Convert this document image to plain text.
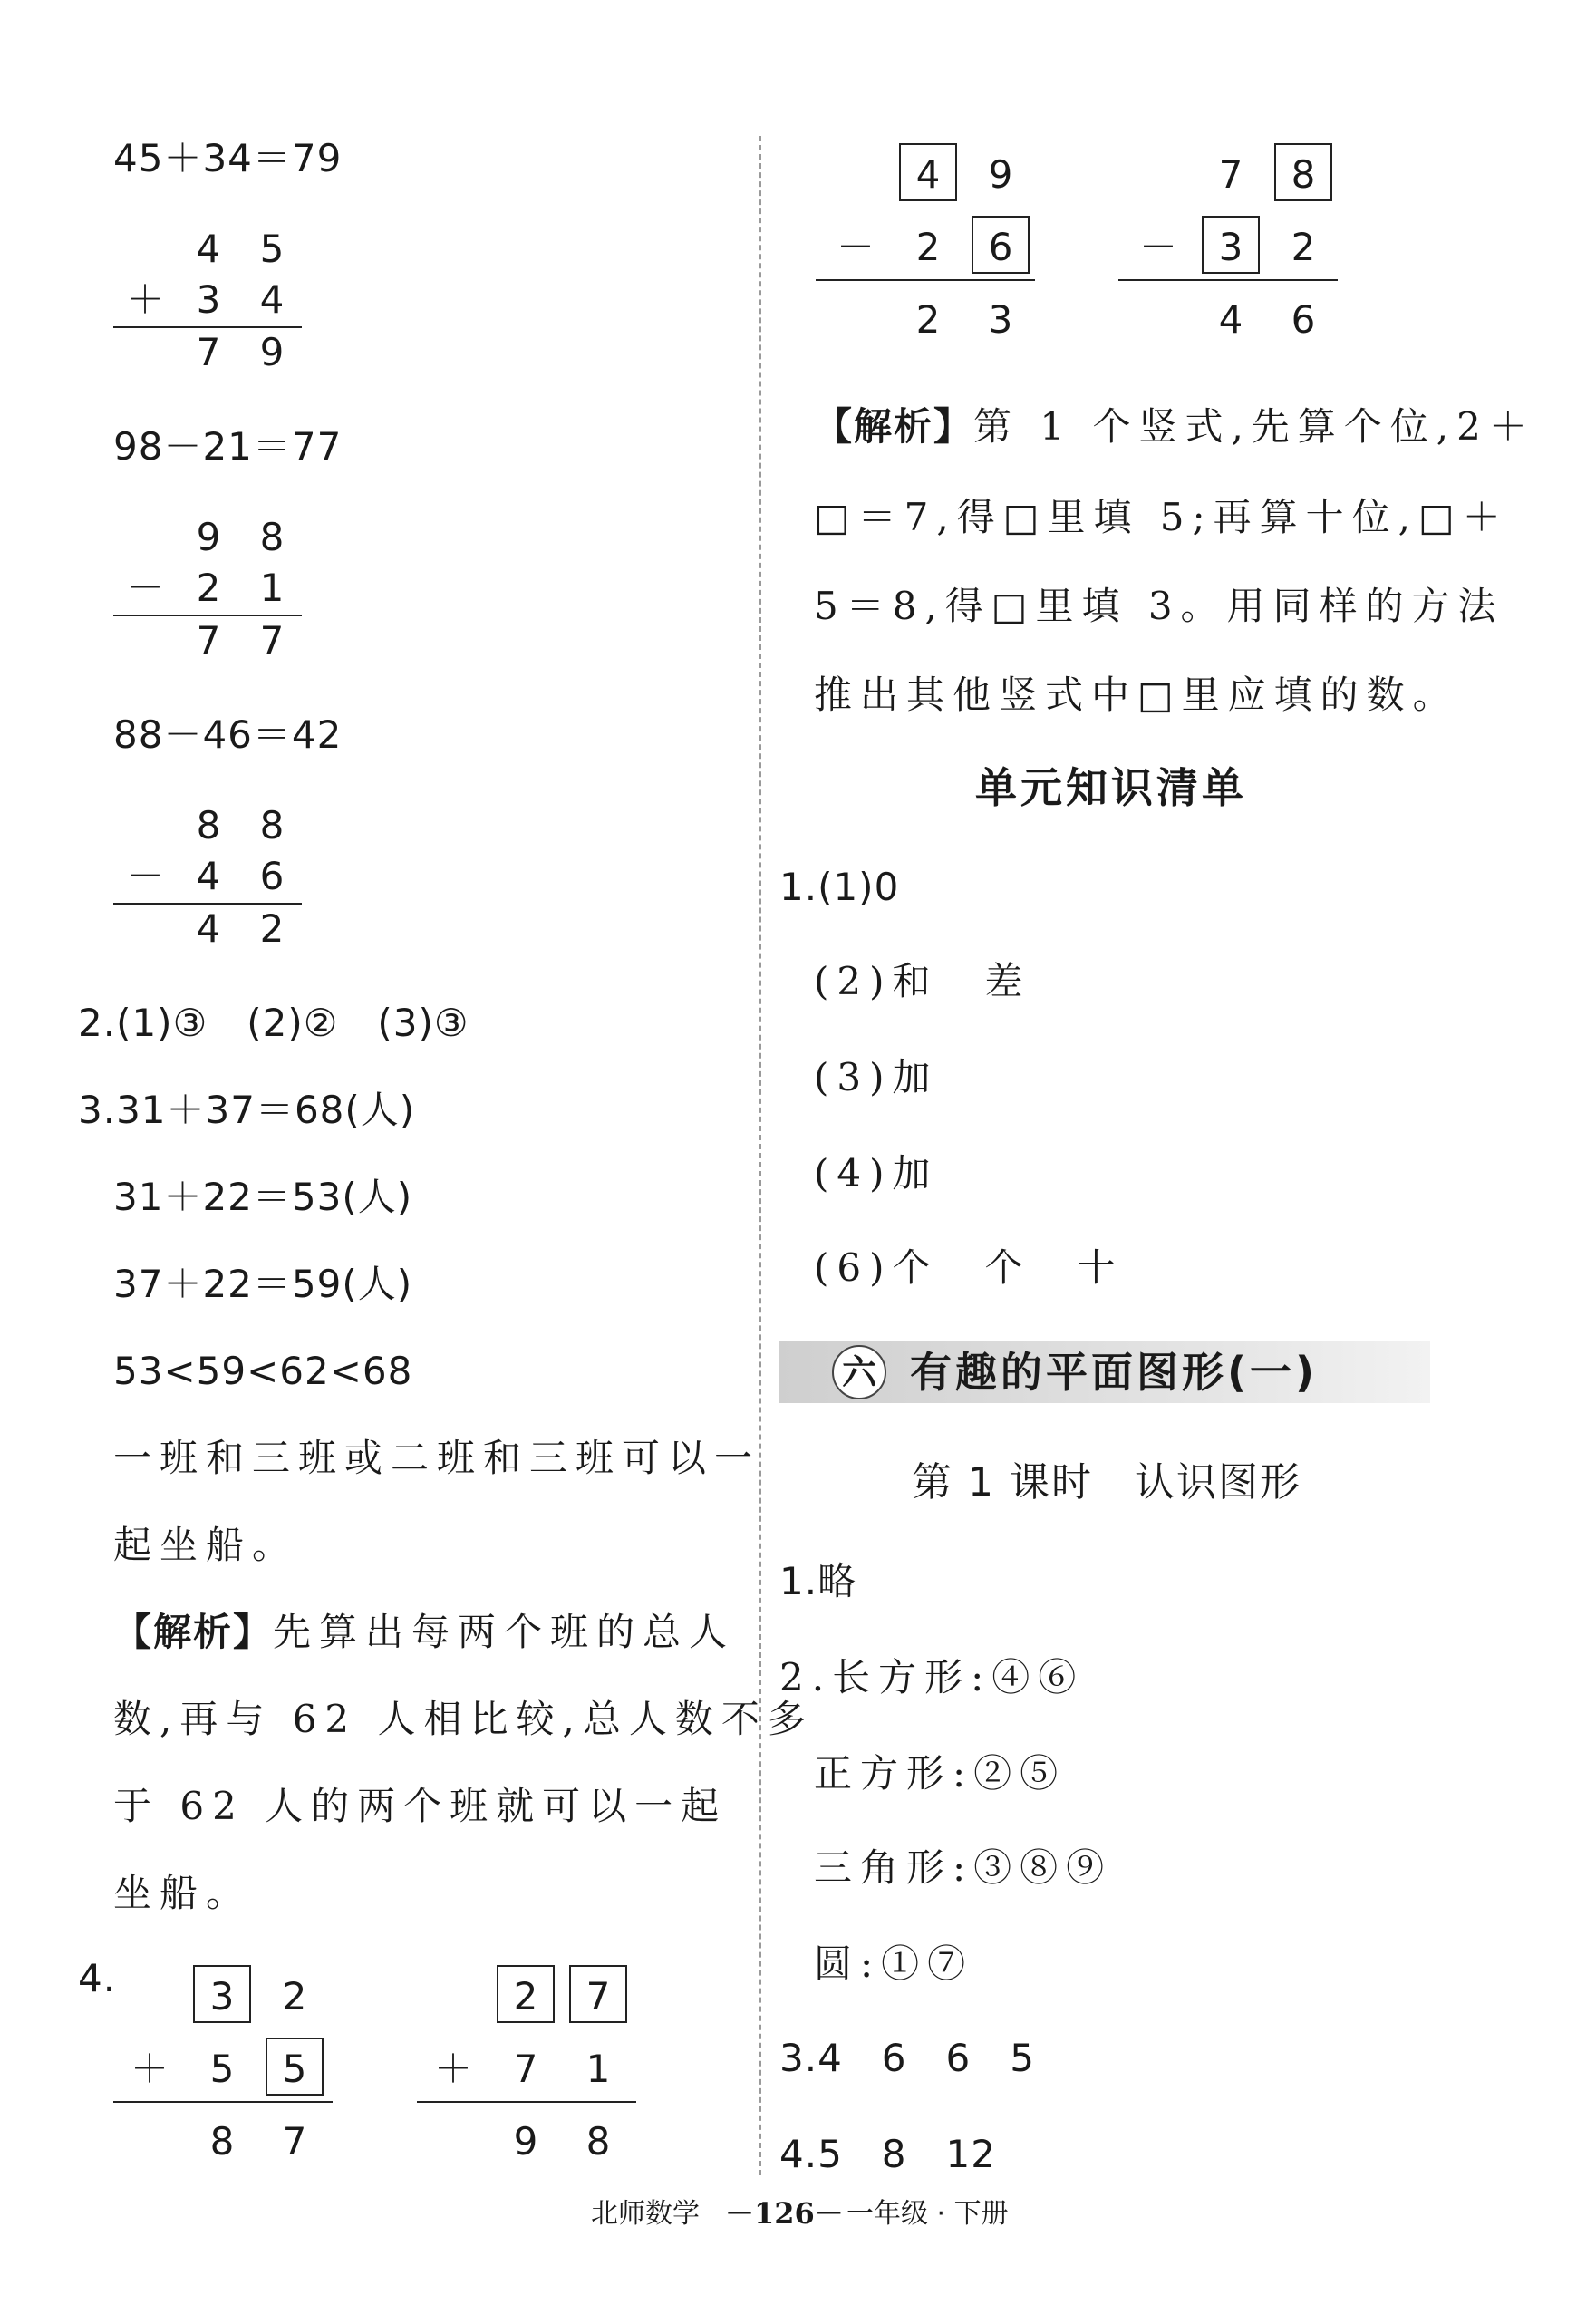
45＋34＝79
4	5
＋ 3	4
7	9
98－21＝77
9	8
－ 2	1
7	7
88－46＝42
8	8
－ 4	6
4	2
2.(1)③　(2)②　(3)③
3.31＋37＝68(人)
31＋22＝53(人)
37＋22＝59(人)
53<59<62<68
一班和三班或二班和三班可以一
起坐船。
【解析】先算出每两个班的总人
数,再与 62 人相比较,总人数不多
于 62 人的两个班就可以一起
坐船。
4.	3	2
＋	5	5
8	7
2	7
＋	7	1
9	8
4	9
－	2	6
2	3
7	8
－	3	2
4	6
【解析】第 1 个竖式,先算个位,2＋
□＝7,得□里填 5;再算十位,□＋
5＝8,得□里填 3。用同样的方法
推出其他竖式中□里应填的数。
单元知识清单
1.(1)0
(2)和　差
(3)加
(4)加
(6)个　个　十
六 有趣的平面图形(一)
第 1 课时　认识图形
1.略
2.长方形:④⑥
正方形:②⑤
三角形:③⑧⑨
圆:①⑦
3.4　6　6　5
4.5　8　12
北师数学 －126－ 一年级 · 下册
